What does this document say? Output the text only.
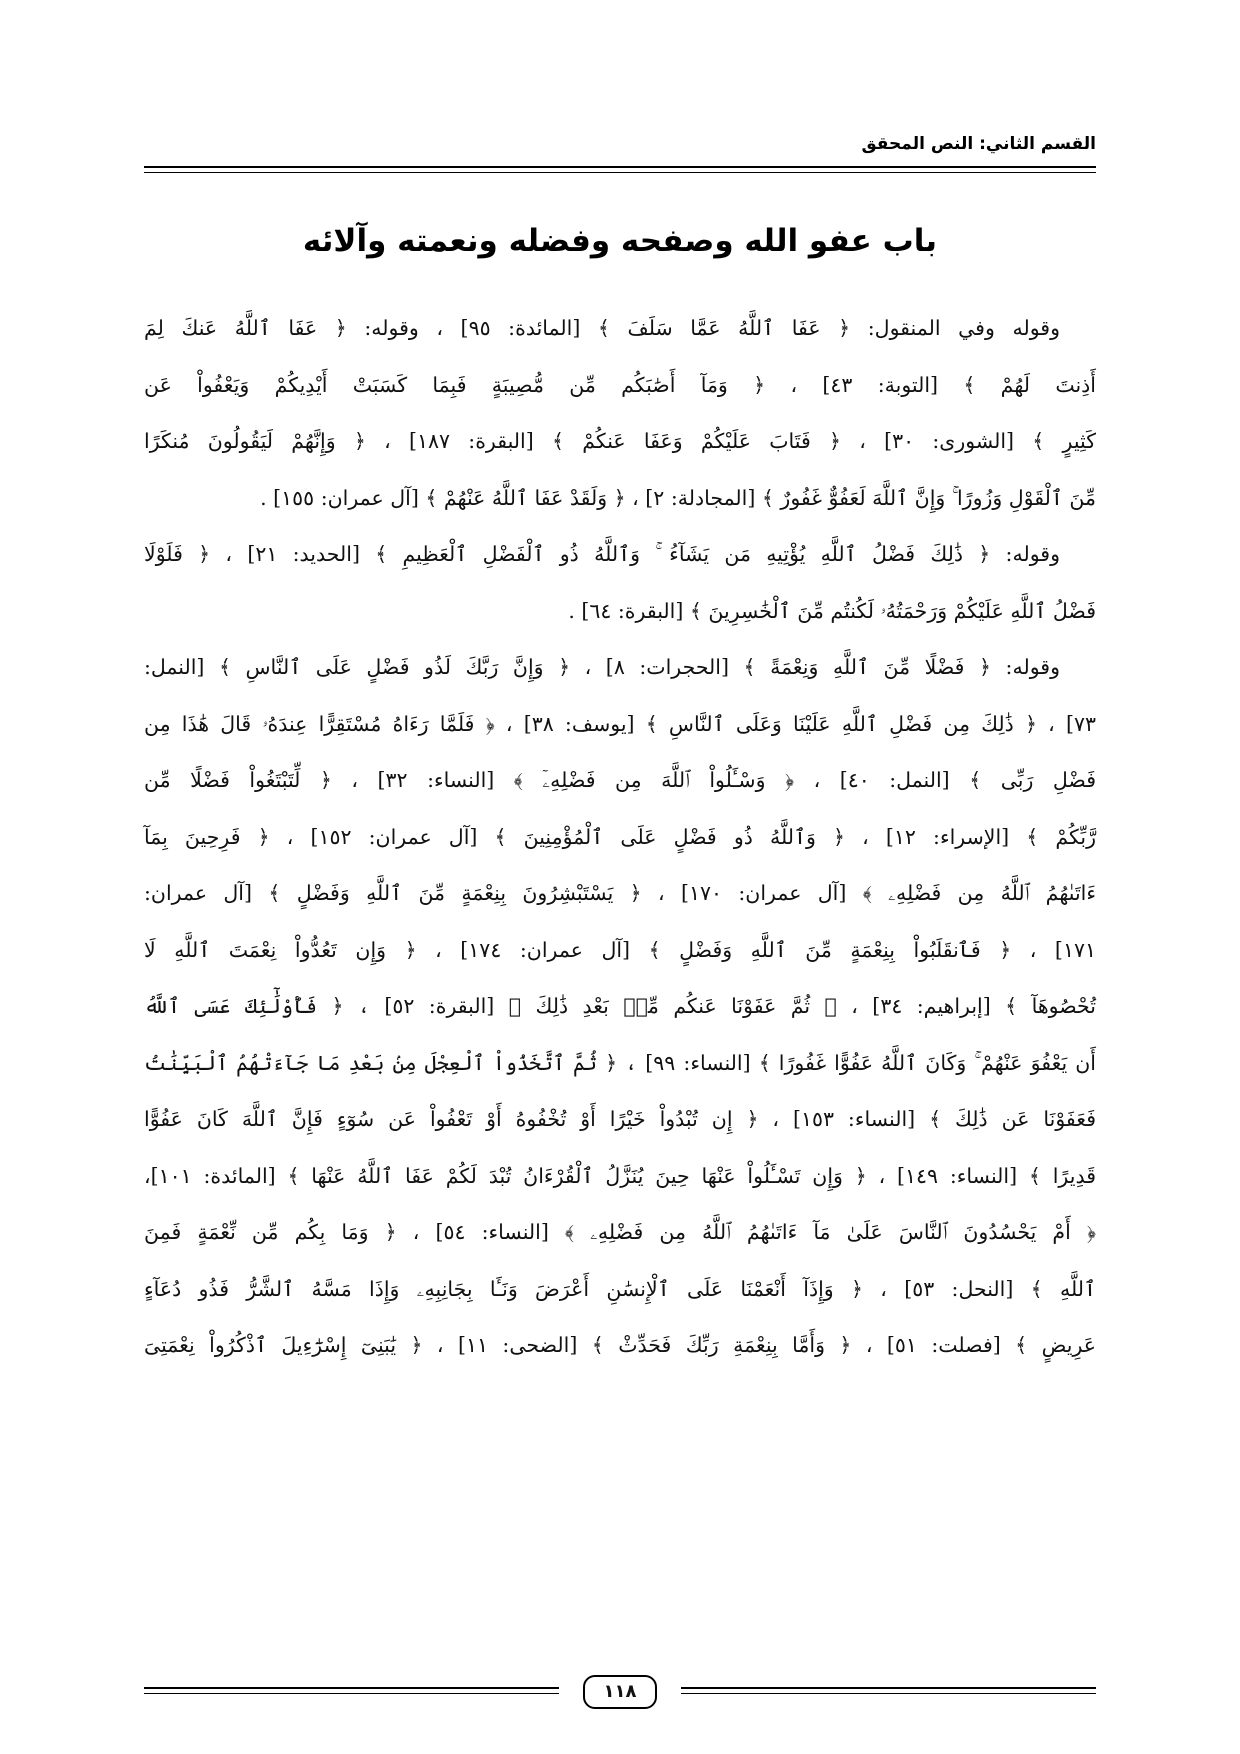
القسم الثاني: النص المحقق
باب عفو الله وصفحه وفضله ونعمته وآلائه
وقوله وفي المنقول: ﴿ عَفَا ٱللَّهُ عَمَّا سَلَفَ ﴾ [المائدة: ٩٥] ، وقوله: ﴿ عَفَا ٱللَّهُ عَنكَ لِمَ
أَذِنتَ لَهُمْ ﴾ [التوبة: ٤٣] ، ﴿ وَمَآ أَصَٰبَكُم مِّن مُّصِيبَةٍ فَبِمَا كَسَبَتْ أَيْدِيكُمْ وَيَعْفُواْ عَن
كَثِيرٍ ﴾ [الشورى: ٣٠] ، ﴿ فَتَابَ عَلَيْكُمْ وَعَفَا عَنكُمْ ﴾ [البقرة: ١٨٧] ، ﴿ وَإِنَّهُمْ لَيَقُولُونَ مُنكَرًا
مِّنَ ٱلْقَوْلِ وَزُورًا ۚ وَإِنَّ ٱللَّهَ لَعَفُوٌّ غَفُورٌ ﴾ [المجادلة: ٢] ، ﴿ وَلَقَدْ عَفَا ٱللَّهُ عَنْهُمْ ﴾ [آل عمران: ١٥٥] .
وقوله: ﴿ ذَٰلِكَ فَضْلُ ٱللَّهِ يُؤْتِيهِ مَن يَشَآءُ ۚ وَٱللَّهُ ذُو ٱلْفَضْلِ ٱلْعَظِيمِ ﴾ [الحديد: ٢١] ، ﴿ فَلَوْلَا
فَضْلُ ٱللَّهِ عَلَيْكُمْ وَرَحْمَتُهُۥ لَكُنتُم مِّنَ ٱلْخَٰسِرِينَ ﴾ [البقرة: ٦٤] .
وقوله: ﴿ فَضْلًا مِّنَ ٱللَّهِ وَنِعْمَةً ﴾ [الحجرات: ٨] ، ﴿ وَإِنَّ رَبَّكَ لَذُو فَضْلٍ عَلَى ٱلنَّاسِ ﴾ [النمل:
٧٣] ، ﴿ ذَٰلِكَ مِن فَضْلِ ٱللَّهِ عَلَيْنَا وَعَلَى ٱلنَّاسِ ﴾ [يوسف: ٣٨] ، ﴿ فَلَمَّا رَءَاهُ مُسْتَقِرًّا عِندَهُۥ قَالَ هَٰذَا مِن
فَضْلِ رَبِّى ﴾ [النمل: ٤٠] ، ﴿ وَسْـَٔلُواْ ٱللَّهَ مِن فَضْلِهِۦٓ ﴾ [النساء: ٣٢] ، ﴿ لِّتَبْتَغُواْ فَضْلًا مِّن
رَّبِّكُمْ ﴾ [الإسراء: ١٢] ، ﴿ وَٱللَّهُ ذُو فَضْلٍ عَلَى ٱلْمُؤْمِنِينَ ﴾ [آل عمران: ١٥٢] ، ﴿ فَرِحِينَ بِمَآ
ءَاتَىٰهُمُ ٱللَّهُ مِن فَضْلِهِۦ ﴾ [آل عمران: ١٧٠] ، ﴿ يَسْتَبْشِرُونَ بِنِعْمَةٍ مِّنَ ٱللَّهِ وَفَضْلٍ ﴾ [آل عمران:
١٧١] ، ﴿ فَٱنقَلَبُواْ بِنِعْمَةٍ مِّنَ ٱللَّهِ وَفَضْلٍ ﴾ [آل عمران: ١٧٤] ، ﴿ وَإِن تَعُدُّواْ نِعْمَتَ ٱللَّهِ لَا
تُحْصُوهَآ ﴾ [إبراهيم: ٣٤] ، ﴿ ثُمَّ عَفَوْنَا عَنكُم مِّنۢ بَعْدِ ذَٰلِكَ ﴾ [البقرة: ٥٢] ، ﴿ فَأُوْلَٰٓئِكَ عَسَى ٱللَّهُ
أَن يَعْفُوَ عَنْهُمْ ۚ وَكَانَ ٱللَّهُ عَفُوًّا غَفُورًا ﴾ [النساء: ٩٩] ، ﴿ ثُمَّ ٱتَّخَذُواْ ٱلْعِجْلَ مِنۢ بَعْدِ مَا جَآءَتْهُمُ ٱلْبَيِّنَٰتُ
فَعَفَوْنَا عَن ذَٰلِكَ ﴾ [النساء: ١٥٣] ، ﴿ إِن تُبْدُواْ خَيْرًا أَوْ تُخْفُوهُ أَوْ تَعْفُواْ عَن سُوٓءٍ فَإِنَّ ٱللَّهَ كَانَ عَفُوًّا
قَدِيرًا ﴾ [النساء: ١٤٩] ، ﴿ وَإِن تَسْـَٔلُواْ عَنْهَا حِينَ يُنَزَّلُ ٱلْقُرْءَانُ تُبْدَ لَكُمْ عَفَا ٱللَّهُ عَنْهَا ﴾ [المائدة: ١٠١]،
﴿ أَمْ يَحْسُدُونَ ٱلنَّاسَ عَلَىٰ مَآ ءَاتَىٰهُمُ ٱللَّهُ مِن فَضْلِهِۦ ﴾ [النساء: ٥٤] ، ﴿ وَمَا بِكُم مِّن نِّعْمَةٍ فَمِنَ
ٱللَّهِ ﴾ [النحل: ٥٣] ، ﴿ وَإِذَآ أَنْعَمْنَا عَلَى ٱلْإِنسَٰنِ أَعْرَضَ وَنَـَٔا بِجَانِبِهِۦ وَإِذَا مَسَّهُ ٱلشَّرُّ فَذُو دُعَآءٍ
عَرِيضٍ ﴾ [فصلت: ٥١] ، ﴿ وَأَمَّا بِنِعْمَةِ رَبِّكَ فَحَدِّثْ ﴾ [الضحى: ١١] ، ﴿ يَٰبَنِىٓ إِسْرَٰٓءِيلَ ٱذْكُرُواْ نِعْمَتِىَ
١١٨
